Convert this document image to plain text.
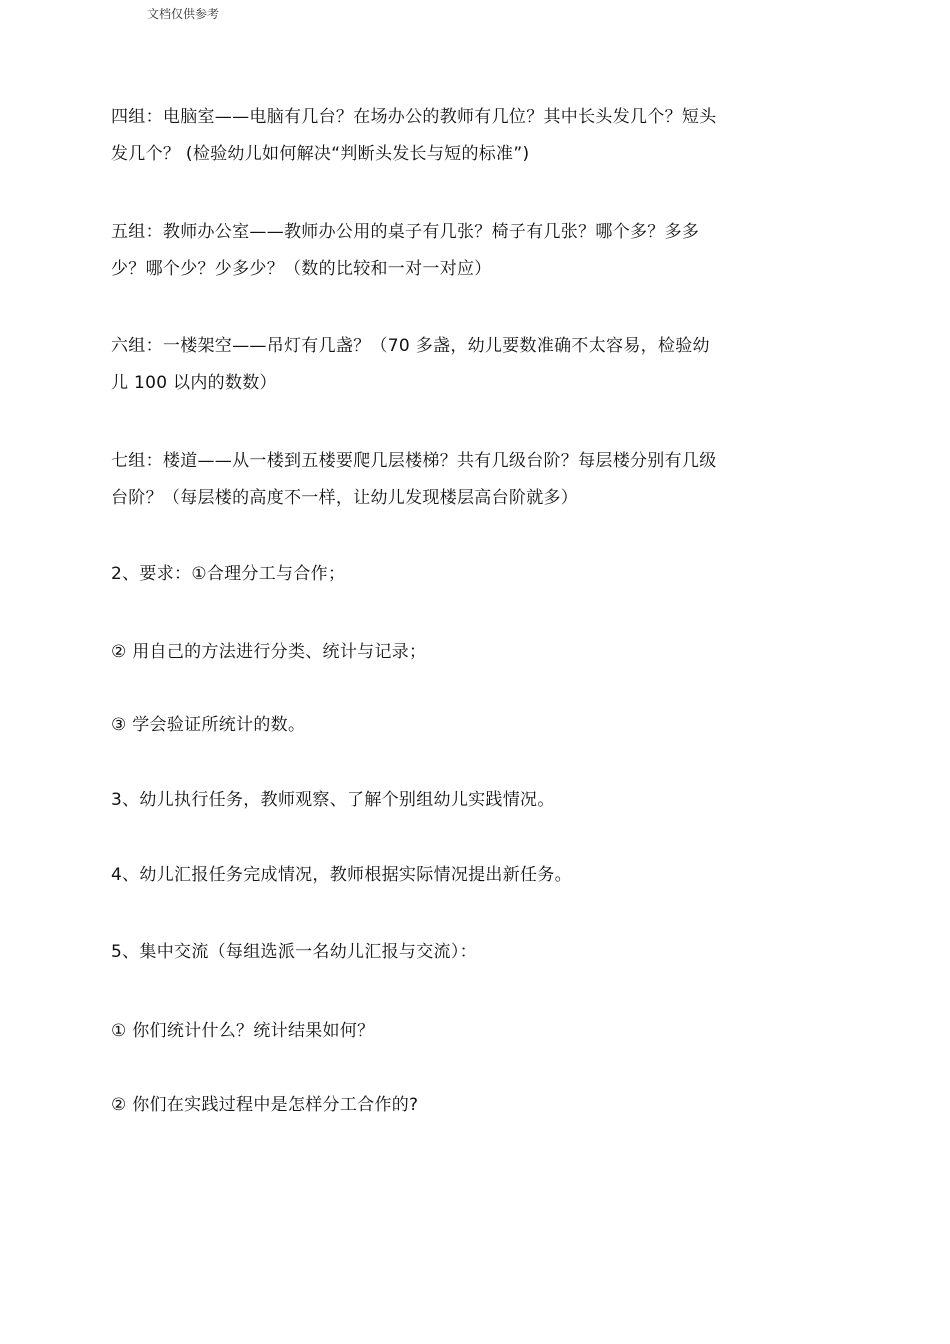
文档仅供参考
四组：电脑室——电脑有几台？在场办公的教师有几位？其中长头发几个？短头
发几个？ (检验幼儿如何解决“判断头发长与短的标准”)
五组：教师办公室——教师办公用的桌子有几张？椅子有几张？哪个多？多多
少？哪个少？少多少？（数的比较和一对一对应）
六组：一楼架空——吊灯有几盏？（70 多盏，幼儿要数准确不太容易，检验幼
儿 100 以内的数数）
七组：楼道——从一楼到五楼要爬几层楼梯？共有几级台阶？每层楼分别有几级
台阶？（每层楼的高度不一样，让幼儿发现楼层高台阶就多）
2、要求：①合理分工与合作；
② 用自己的方法进行分类、统计与记录；
③ 学会验证所统计的数。
3、幼儿执行任务，教师观察、了解个别组幼儿实践情况。
4、幼儿汇报任务完成情况，教师根据实际情况提出新任务。
5、集中交流（每组选派一名幼儿汇报与交流）：
① 你们统计什么？统计结果如何？
② 你们在实践过程中是怎样分工合作的?
